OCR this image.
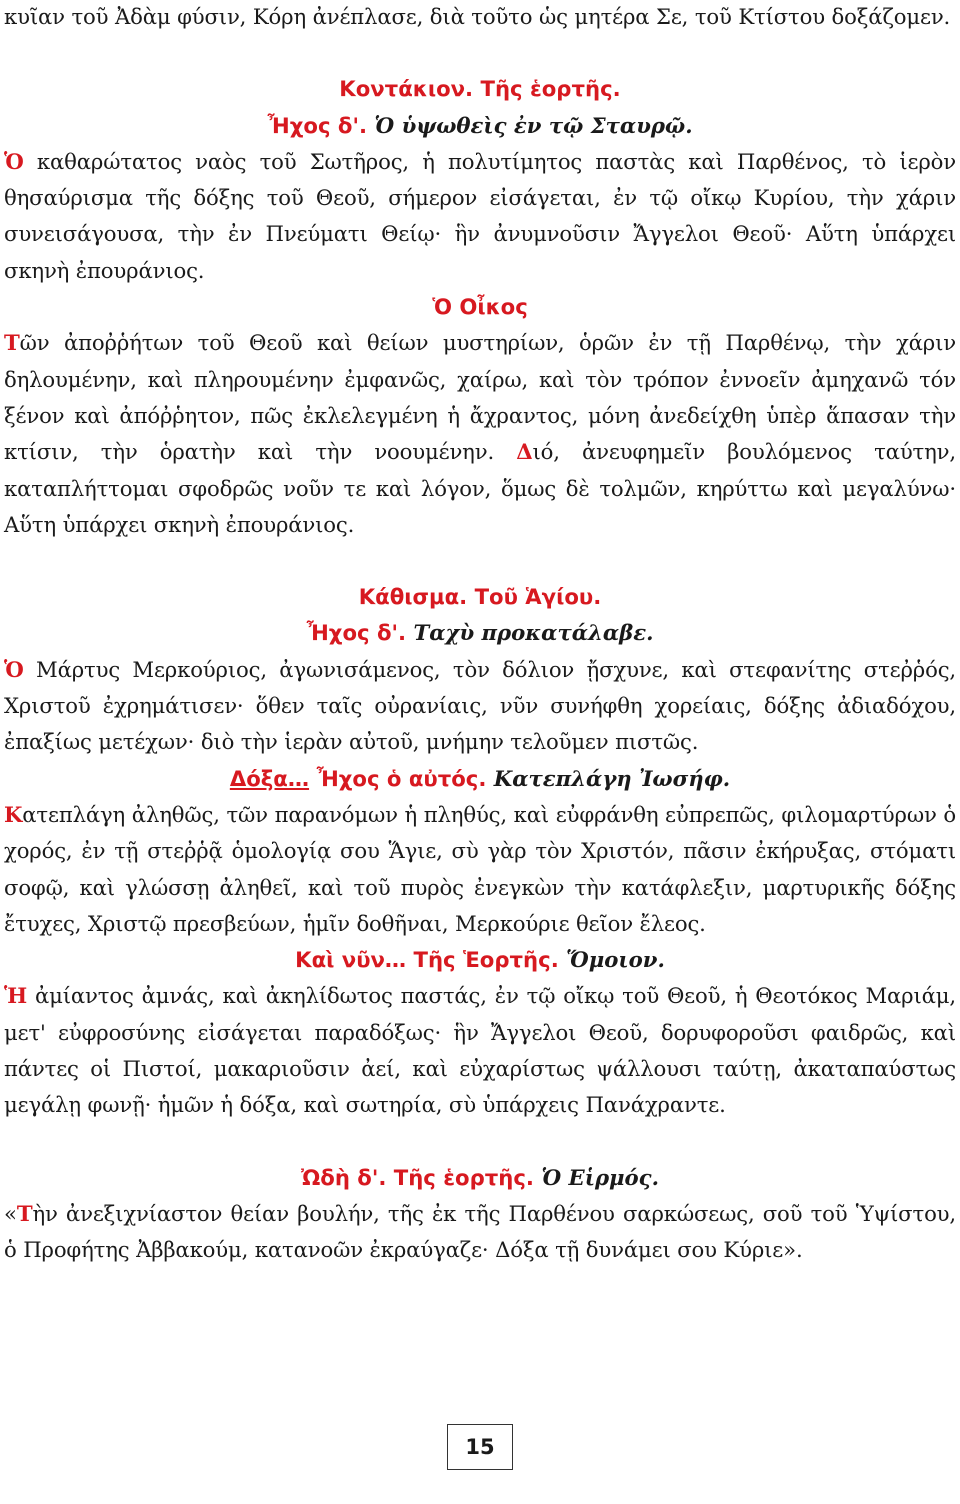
κυῖαν τοῦ Ἀδὰμ φύσιν, Κόρη ἀνέπλασε, διὰ τοῦτο ὡς μητέρα Σε, τοῦ Κτίστου δοξάζομεν.

Κοντάκιον. Τῆς ἑορτῆς.

Ἦχος δ'. Ὁ ὑψωθεὶς ἐν τῷ Σταυρῷ.

Ὁ καθαρώτατος ναὸς τοῦ Σωτῆρος, ἡ πολυτίμητος παστὰς καὶ Παρθένος, τὸ ἱερὸν θησαύρισμα τῆς δόξης τοῦ Θεοῦ, σήμερον εἰσάγεται, ἐν τῷ οἴκῳ Κυρίου, τὴν χάριν συνεισάγουσα, τὴν ἐν Πνεύματι Θείῳ· ἣν ἀνυμνοῦσιν Ἄγγελοι Θεοῦ· Αὕτη ὑπάρχει σκηνὴ ἐπουράνιος.

Ὁ Οἶκος

Τῶν ἀποῤῥήτων τοῦ Θεοῦ καὶ θείων μυστηρίων, ὁρῶν ἐν τῇ Παρθένῳ, τὴν χάριν δηλουμένην, καὶ πληρουμένην ἐμφανῶς, χαίρω, καὶ τὸν τρόπον ἐννοεῖν ἀμηχανῶ τόν ξένον καὶ ἀπόῤῥητον, πῶς ἐκλελεγμένη ἡ ἄχραντος, μόνη ἀνεδείχθη ὑπὲρ ἅπασαν τὴν κτίσιν, τὴν ὁρατὴν καὶ τὴν νοουμένην. Διό, ἀνευφημεῖν βουλόμενος ταύτην, καταπλήττομαι σφοδρῶς νοῦν τε καὶ λόγον, ὅμως δὲ τολμῶν, κηρύττω καὶ μεγαλύνω· Αὕτη ὑπάρχει σκηνὴ ἐπουράνιος.

Κάθισμα. Τοῦ Ἁγίου.

Ἦχος δ'. Ταχὺ προκατάλαβε.

Ὁ Μάρτυς Μερκούριος, ἀγωνισάμενος, τὸν δόλιον ᾔσχυνε, καὶ στεφανίτης στεῤῥός, Χριστοῦ ἐχρημάτισεν· ὅθεν ταῖς οὐρανίαις, νῦν συνήφθη χορείαις, δόξης ἀδιαδόχου, ἐπαξίως μετέχων· διὸ τὴν ἱερὰν αὐτοῦ, μνήμην τελοῦμεν πιστῶς.

Δόξα… Ἦχος ὁ αὐτός. Κατεπλάγη Ἰωσήφ.

Κατεπλάγη ἀληθῶς, τῶν παρανόμων ἡ πληθύς, καὶ εὐφράνθη εὐπρεπῶς, φιλομαρτύρων ὁ χορός, ἐν τῇ στεῤῥᾷ ὁμολογίᾳ σου Ἅγιε, σὺ γὰρ τὸν Χριστόν, πᾶσιν ἐκήρυξας, στόματι σοφῷ, καὶ γλώσσῃ ἀληθεῖ, καὶ τοῦ πυρὸς ἐνεγκὼν τὴν κατάφλεξιν, μαρτυρικῆς δόξης ἔτυχες, Χριστῷ πρεσβεύων, ἡμῖν δοθῆναι, Μερκούριε θεῖον ἔλεος.

Καὶ νῦν… Τῆς Ἑορτῆς. Ὅμοιον.

Ἡ ἀμίαντος ἀμνάς, καὶ ἀκηλίδωτος παστάς, ἐν τῷ οἴκῳ τοῦ Θεοῦ, ἡ Θεοτόκος Μαριάμ, μετ' εὐφροσύνης εἰσάγεται παραδόξως· ἣν Ἄγγελοι Θεοῦ, δορυφοροῦσι φαιδρῶς, καὶ πάντες οἱ Πιστοί, μακαριοῦσιν ἀεί, καὶ εὐχαρίστως ψάλλουσι ταύτῃ, ἀκαταπαύστως μεγάλῃ φωνῇ· ἡμῶν ἡ δόξα, καὶ σωτηρία, σὺ ὑπάρχεις Πανάχραντε.

Ὠδὴ δ'. Τῆς ἑορτῆς. Ὁ Εἱρμός.

«Τὴν ἀνεξιχνίαστον θείαν βουλήν, τῆς ἐκ τῆς Παρθένου σαρκώσεως, σοῦ τοῦ Ὑψίστου, ὁ Προφήτης Ἀββακούμ, κατανοῶν ἐκραύγαζε· Δόξα τῇ δυνάμει σου Κύριε».

15
